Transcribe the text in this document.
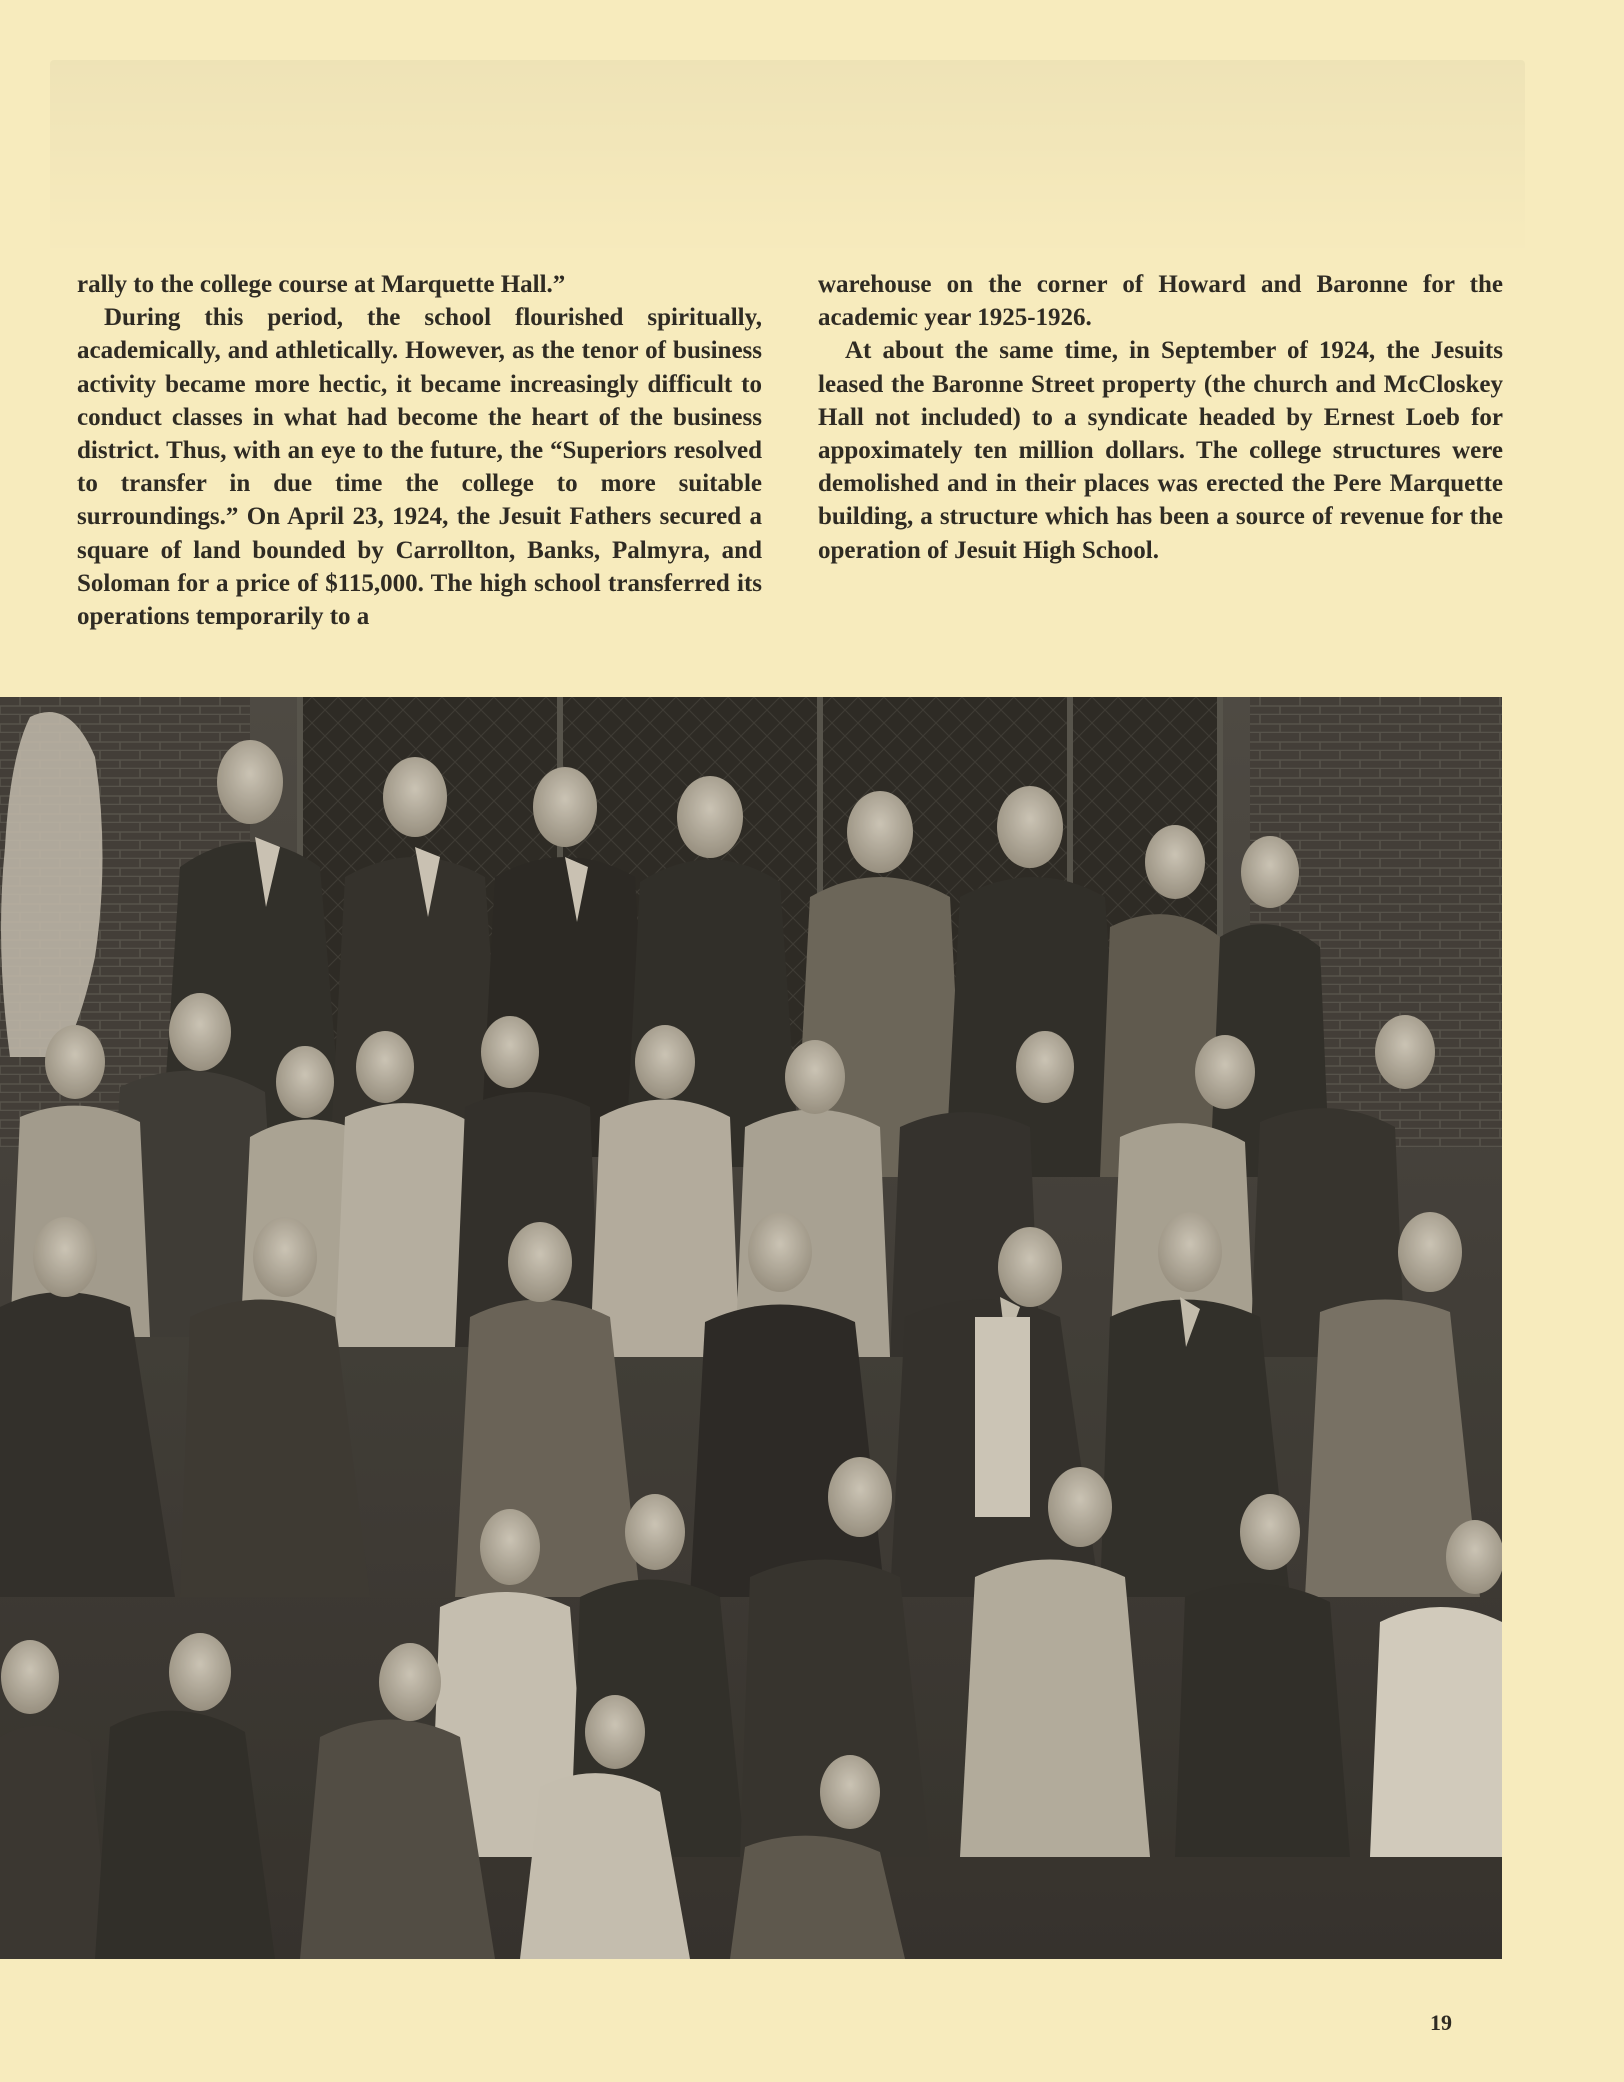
rally to the college course at Marquette Hall.”

During this period, the school flourished spiritually, academically, and athletically. However, as the tenor of business activity became more hectic, it became increasingly difficult to conduct classes in what had become the heart of the business district. Thus, with an eye to the future, the “Superiors resolved to transfer in due time the college to more suitable surroundings.” On April 23, 1924, the Jesuit Fathers secured a square of land bounded by Carrollton, Banks, Palmyra, and Soloman for a price of $115,000. The high school transferred its operations temporarily to a

warehouse on the corner of Howard and Baronne for the academic year 1925-1926.

At about the same time, in September of 1924, the Jesuits leased the Baronne Street property (the church and McCloskey Hall not included) to a syndicate headed by Ernest Loeb for appoximately ten million dollars. The college structures were demolished and in their places was erected the Pere Marquette building, a structure which has been a source of revenue for the operation of Jesuit High School.

19
